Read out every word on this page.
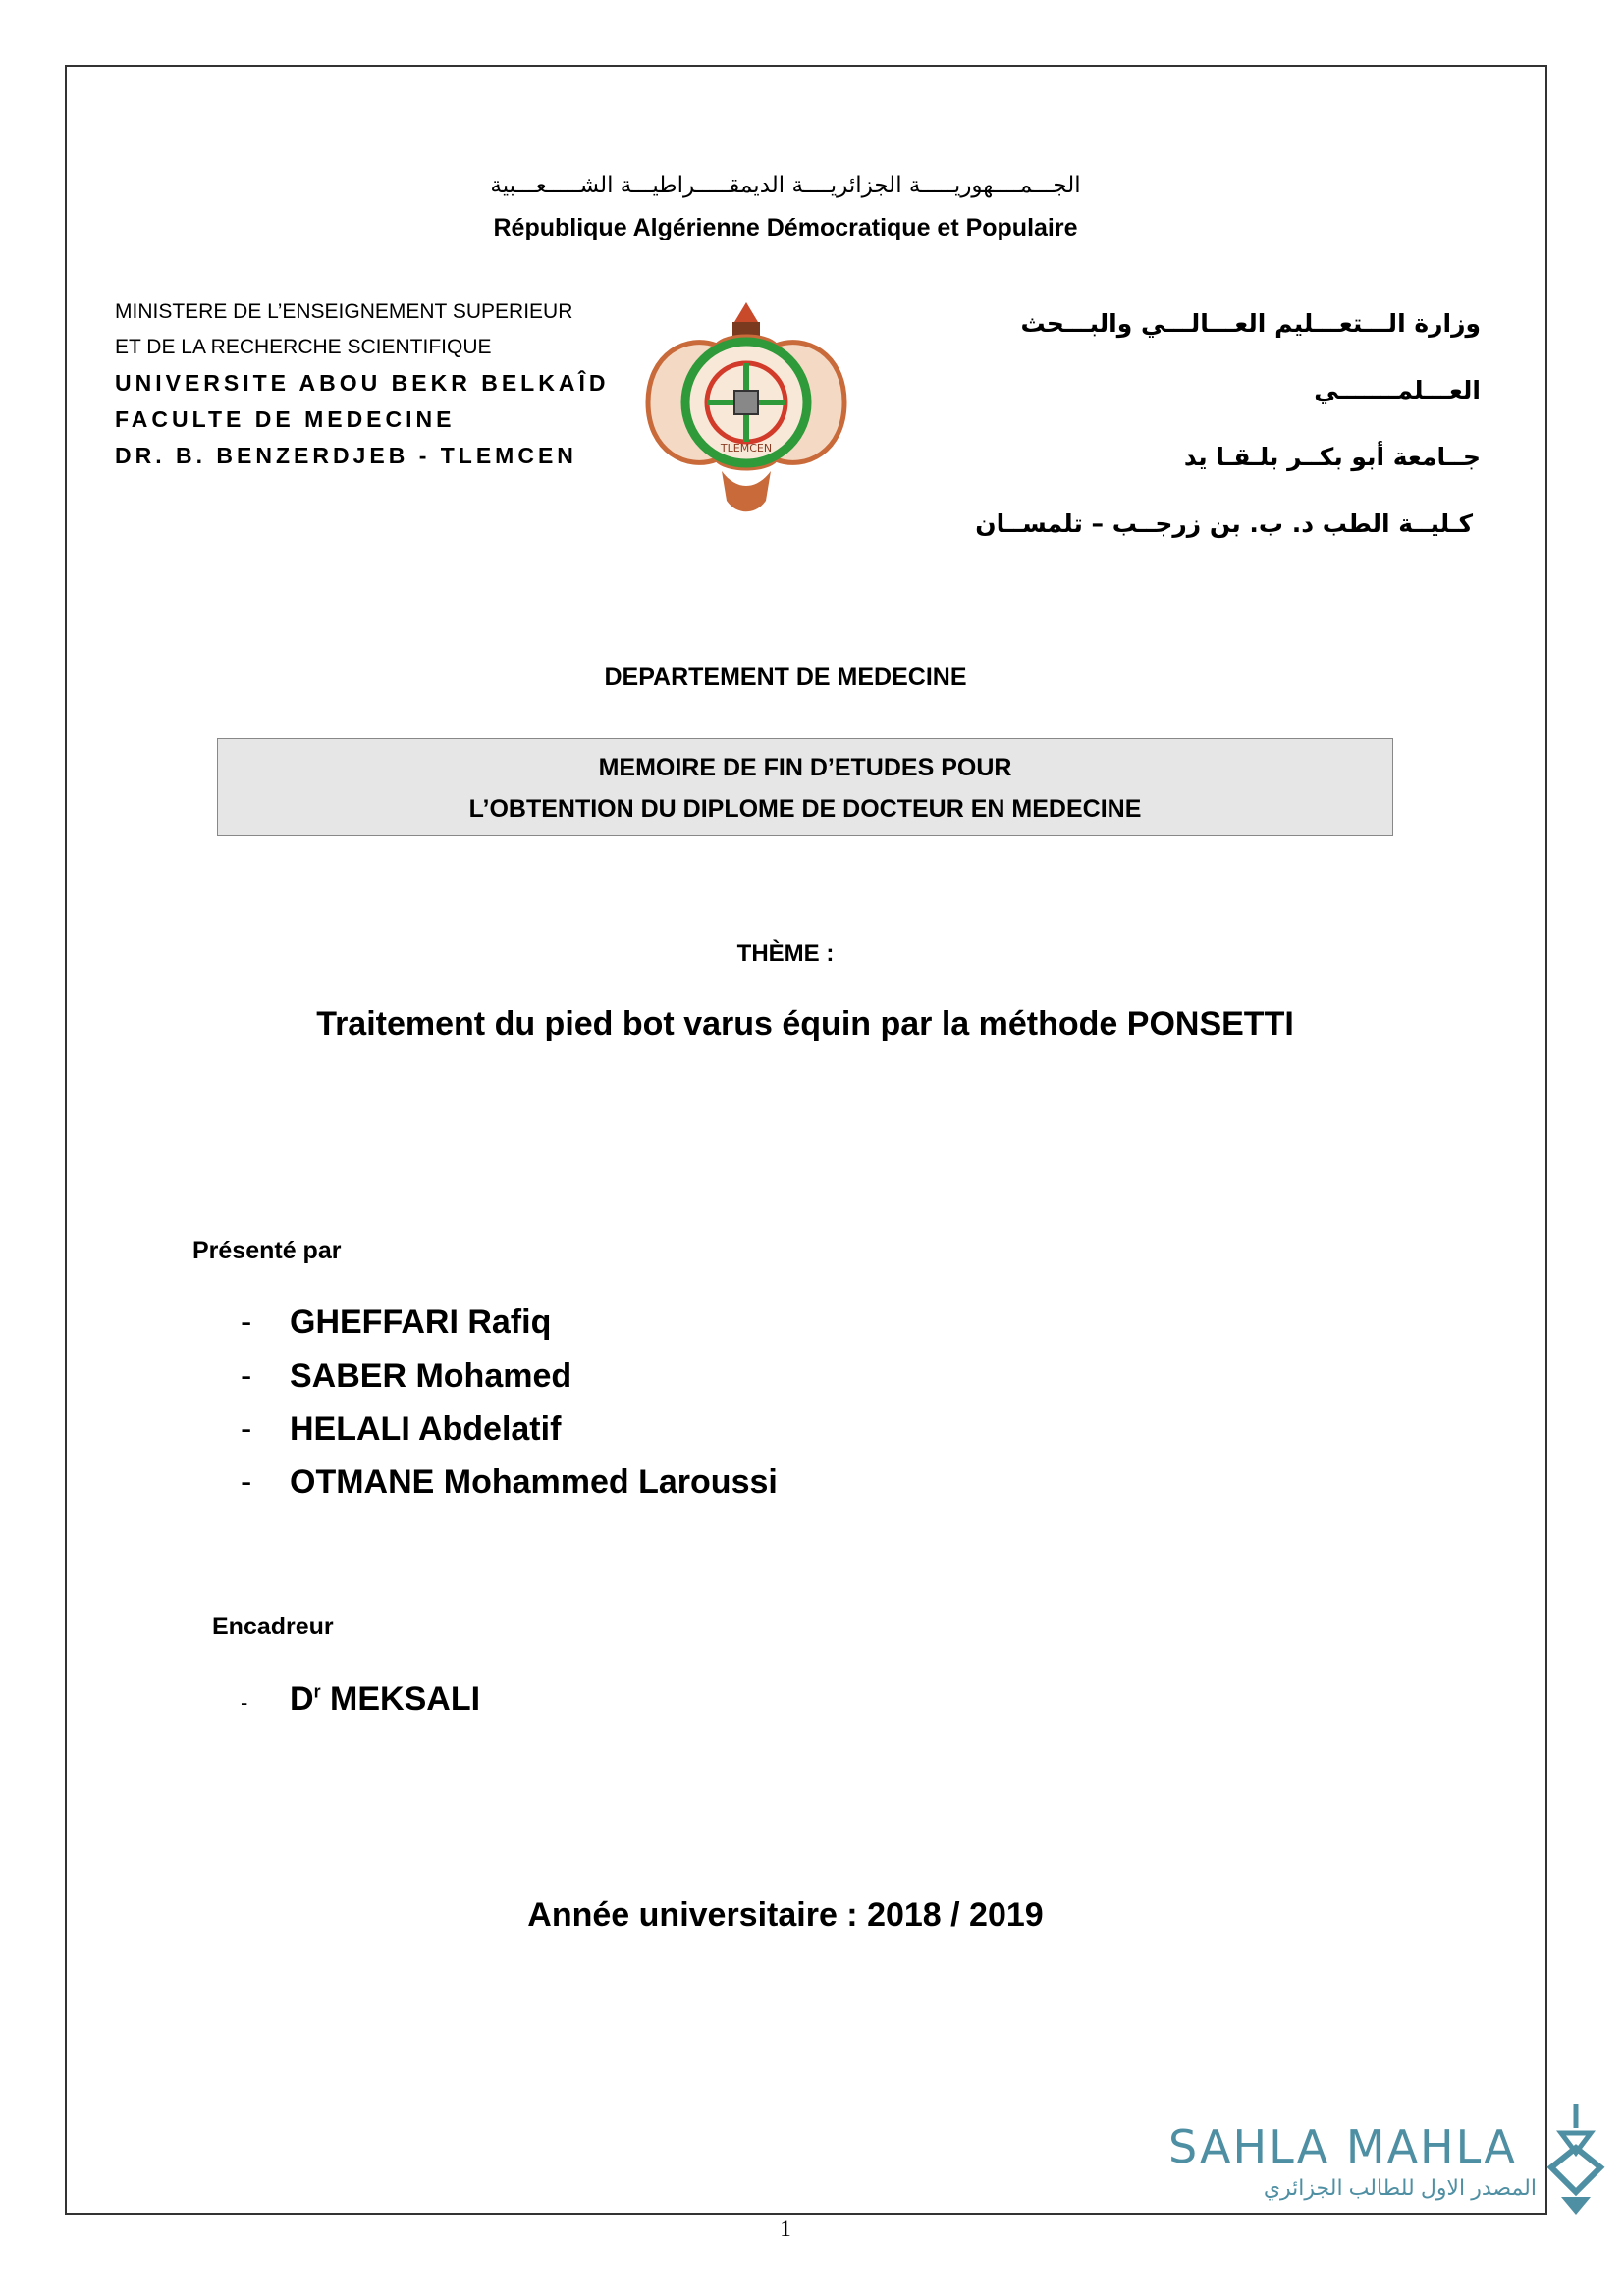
الجـــمــــهوريـــــة الجزائريــــة الديمقـــــراطيـــة الشـــــعـــبية
République Algérienne Démocratique et Populaire
MINISTERE DE L’ENSEIGNEMENT SUPERIEUR
ET DE LA RECHERCHE SCIENTIFIQUE
UNIVERSITE ABOU BEKR BELKAÎD
FACULTE DE MEDECINE
DR. B. BENZERDJEB - TLEMCEN	TLEMCEN
وزارة الـــتعـــليم العـــالـــي والبـــحث العـــلمـــــــي
جــامعة أبو بكــر بلـقـا يد
كـليــة الطب د. ب. بن زرجــب – تلمســان
DEPARTEMENT DE MEDECINE
MEMOIRE DE FIN D’ETUDES POUR
L’OBTENTION DU DIPLOME DE DOCTEUR EN MEDECINE
THÈME :
Traitement du pied bot varus équin par la méthode PONSETTI
Présenté par
- GHEFFARI Rafiq
- SABER Mohamed
- HELALI Abdelatif
- OTMANE Mohammed Laroussi
Encadreur
- $D^r$ MEKSALI
Année universitaire : 2018 / 2019
SAHLA MAHLA
المصدر الاول للطالب الجزائري
1
